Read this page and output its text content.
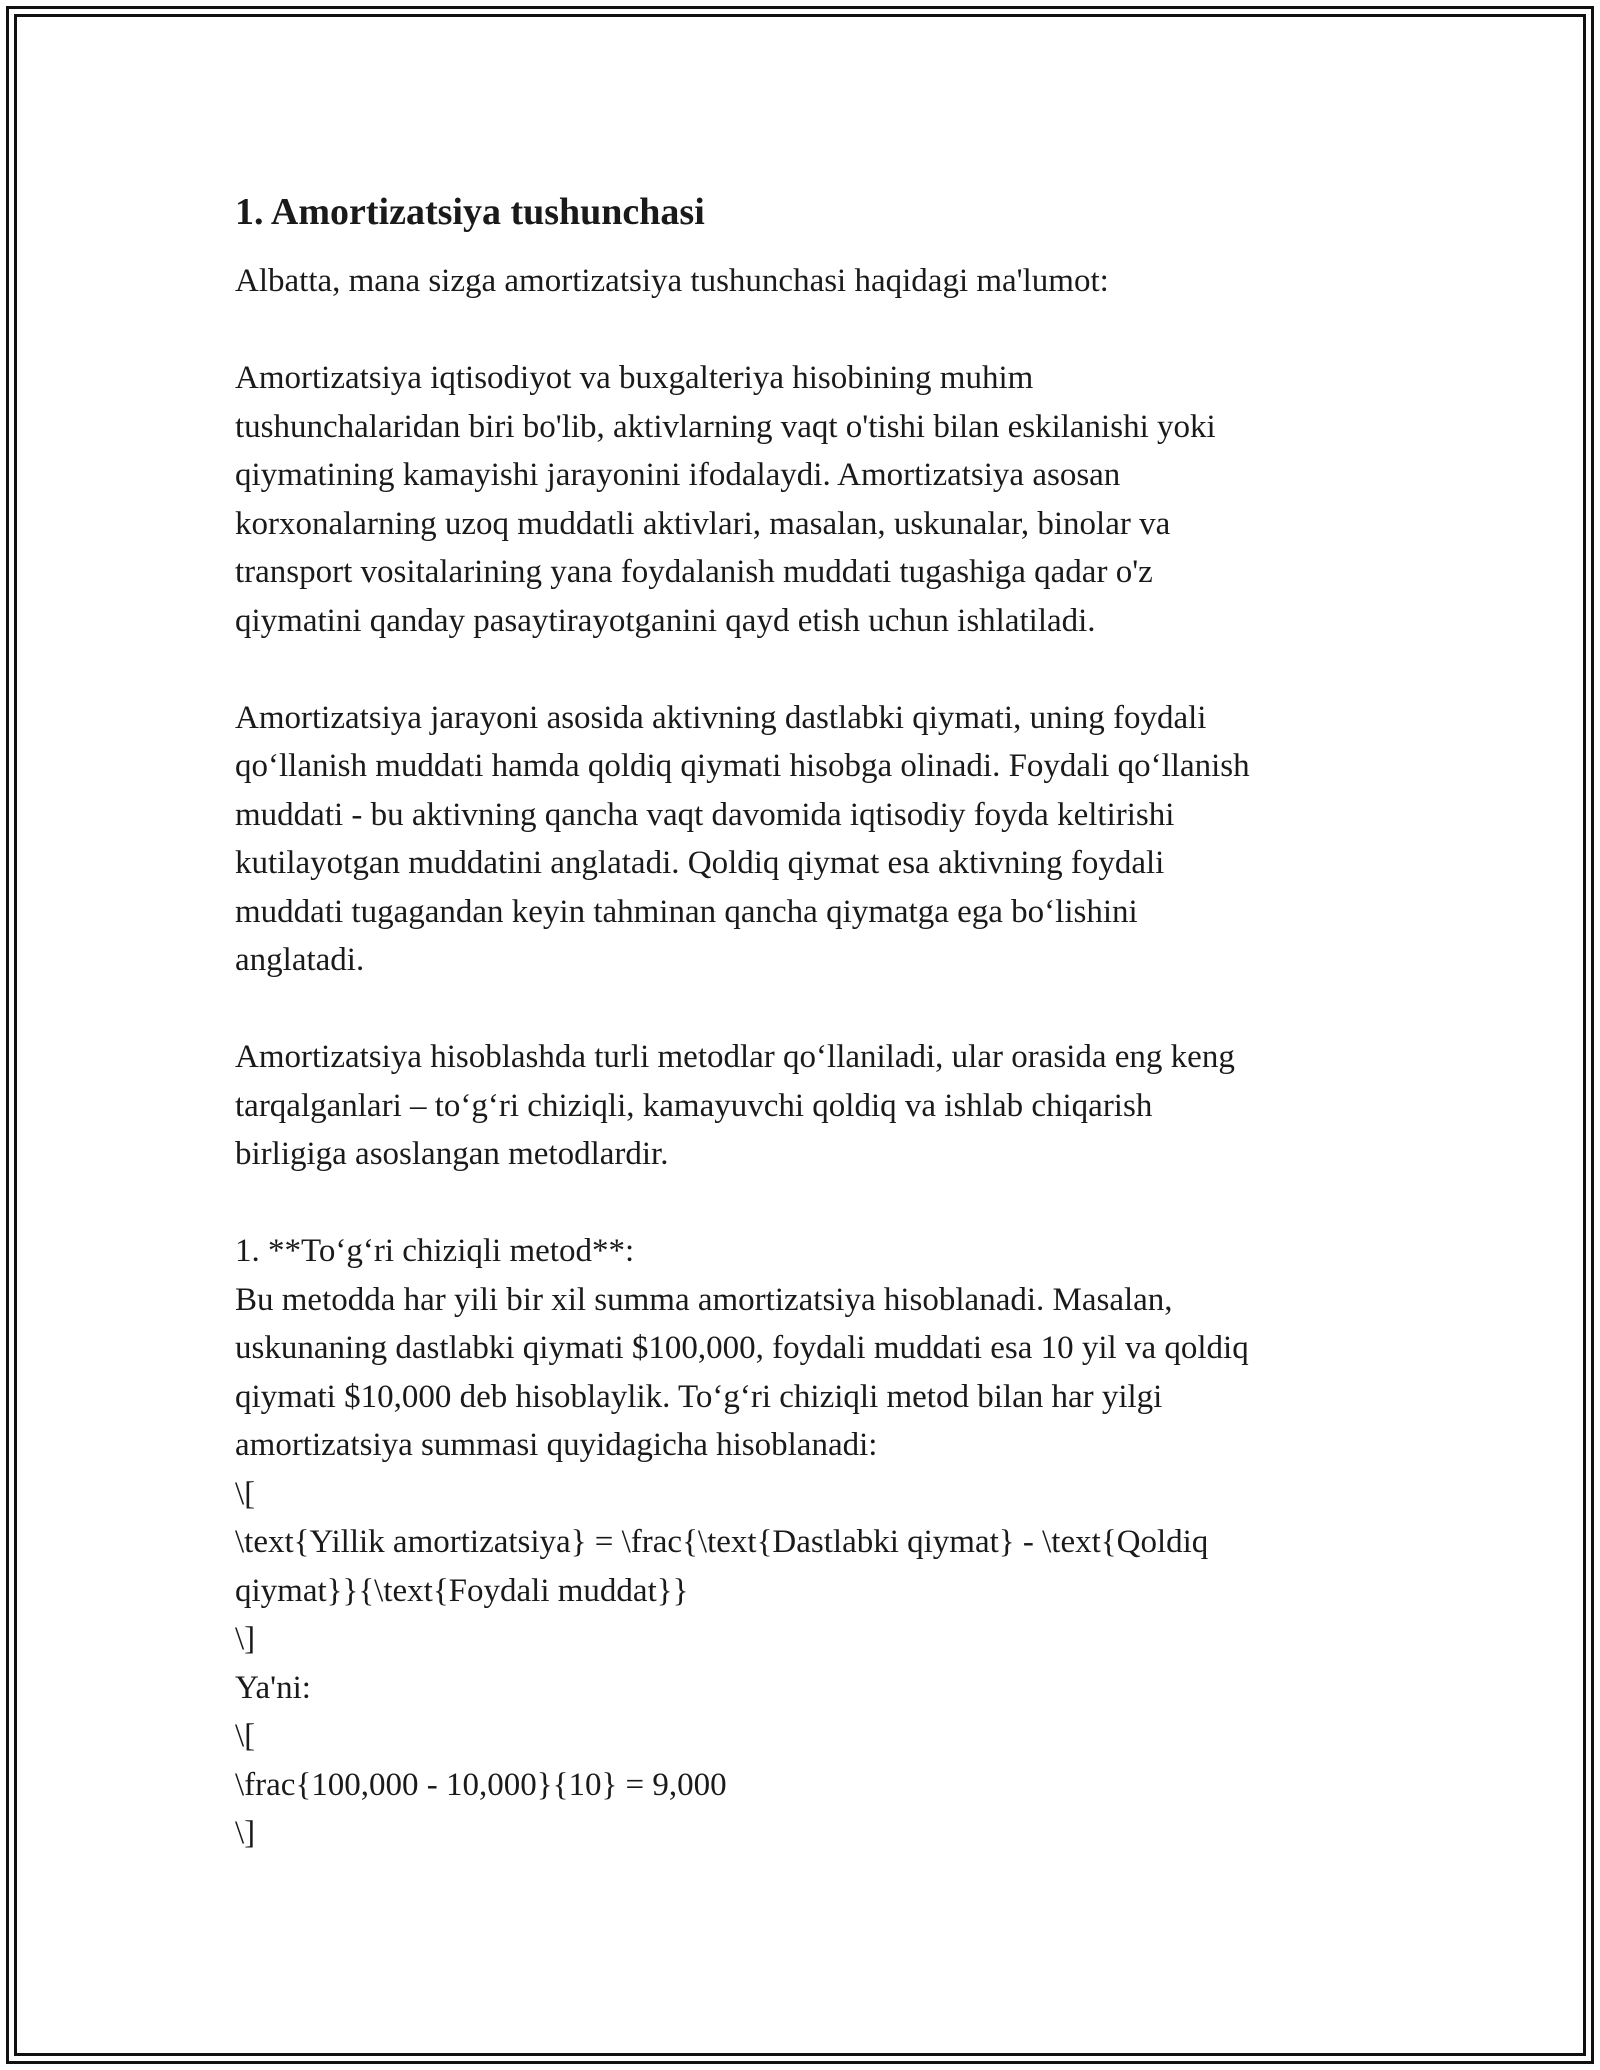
1. Amortizatsiya tushunchasi

Albatta, mana sizga amortizatsiya tushunchasi haqidagi ma'lumot:

Amortizatsiya iqtisodiyot va buxgalteriya hisobining muhim
tushunchalaridan biri bo'lib, aktivlarning vaqt o'tishi bilan eskilanishi yoki
qiymatining kamayishi jarayonini ifodalaydi. Amortizatsiya asosan
korxonalarning uzoq muddatli aktivlari, masalan, uskunalar, binolar va
transport vositalarining yana foydalanish muddati tugashiga qadar o'z
qiymatini qanday pasaytirayotganini qayd etish uchun ishlatiladi.

Amortizatsiya jarayoni asosida aktivning dastlabki qiymati, uning foydali
qo‘llanish muddati hamda qoldiq qiymati hisobga olinadi. Foydali qo‘llanish
muddati - bu aktivning qancha vaqt davomida iqtisodiy foyda keltirishi
kutilayotgan muddatini anglatadi. Qoldiq qiymat esa aktivning foydali
muddati tugagandan keyin tahminan qancha qiymatga ega bo‘lishini
anglatadi.

Amortizatsiya hisoblashda turli metodlar qo‘llaniladi, ular orasida eng keng
tarqalganlari – to‘g‘ri chiziqli, kamayuvchi qoldiq va ishlab chiqarish
birligiga asoslangan metodlardir.

1. **To‘g‘ri chiziqli metod**:
Bu metodda har yili bir xil summa amortizatsiya hisoblanadi. Masalan,
uskunaning dastlabki qiymati $100,000, foydali muddati esa 10 yil va qoldiq
qiymati $10,000 deb hisoblaylik. To‘g‘ri chiziqli metod bilan har yilgi
amortizatsiya summasi quyidagicha hisoblanadi:
\[
\text{Yillik amortizatsiya} = \frac{\text{Dastlabki qiymat} - \text{Qoldiq
qiymat}}{\text{Foydali muddat}}
\]
Ya'ni:
\[
\frac{100,000 - 10,000}{10} = 9,000
\]
